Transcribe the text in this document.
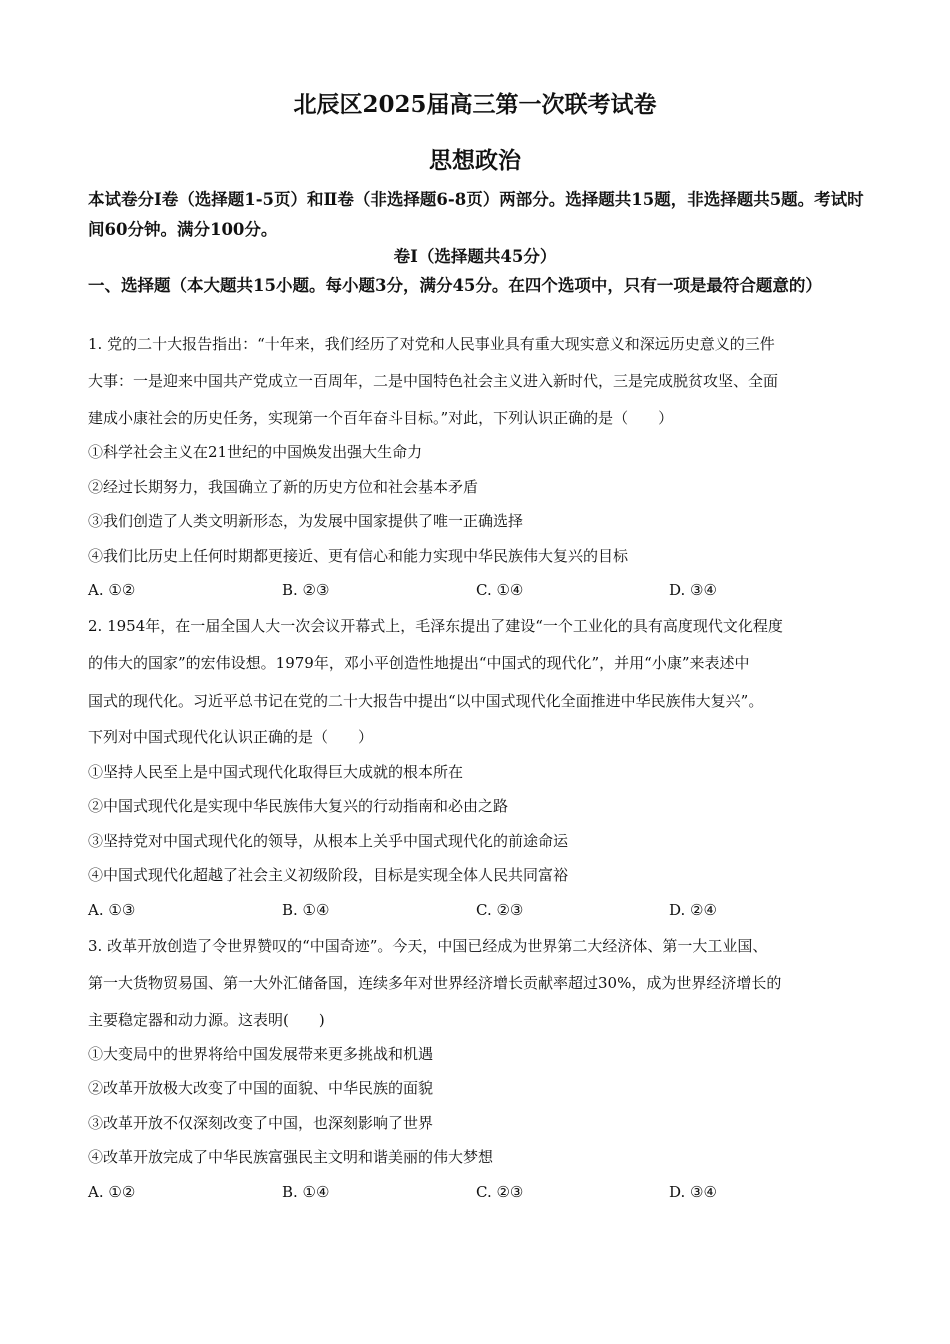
北辰区2025届高三第一次联考试卷
思想政治
本试卷分Ⅰ卷（选择题1-5页）和Ⅱ卷（非选择题6-8页）两部分。选择题共15题，非选择题共5题。考试时间60分钟。满分100分。
卷Ⅰ（选择题共45分）
一、选择题（本大题共15小题。每小题3分，满分45分。在四个选项中，只有一项是最符合题意的）
1. 党的二十大报告指出：“十年来，我们经历了对党和人民事业具有重大现实意义和深远历史意义的三件
大事：一是迎来中国共产党成立一百周年，二是中国特色社会主义进入新时代，三是完成脱贫攻坚、全面
建成小康社会的历史任务，实现第一个百年奋斗目标。”对此，下列认识正确的是（　　）
①科学社会主义在21世纪的中国焕发出强大生命力
②经过长期努力，我国确立了新的历史方位和社会基本矛盾
③我们创造了人类文明新形态，为发展中国家提供了唯一正确选择
④我们比历史上任何时期都更接近、更有信心和能力实现中华民族伟大复兴的目标
A. ①②	B. ②③	C. ①④	D. ③④
2. 1954年，在一届全国人大一次会议开幕式上，毛泽东提出了建设“一个工业化的具有高度现代文化程度
的伟大的国家”的宏伟设想。1979年，邓小平创造性地提出“中国式的现代化”，并用“小康”来表述中
国式的现代化。习近平总书记在党的二十大报告中提出“以中国式现代化全面推进中华民族伟大复兴”。
下列对中国式现代化认识正确的是（　　）
①坚持人民至上是中国式现代化取得巨大成就的根本所在
②中国式现代化是实现中华民族伟大复兴的行动指南和必由之路
③坚持党对中国式现代化的领导，从根本上关乎中国式现代化的前途命运
④中国式现代化超越了社会主义初级阶段，目标是实现全体人民共同富裕
A. ①③	B. ①④	C. ②③	D. ②④
3. 改革开放创造了令世界赞叹的“中国奇迹”。今天，中国已经成为世界第二大经济体、第一大工业国、
第一大货物贸易国、第一大外汇储备国，连续多年对世界经济增长贡献率超过30%，成为世界经济增长的
主要稳定器和动力源。这表明(　　)
①大变局中的世界将给中国发展带来更多挑战和机遇
②改革开放极大改变了中国的面貌、中华民族的面貌
③改革开放不仅深刻改变了中国，也深刻影响了世界
④改革开放完成了中华民族富强民主文明和谐美丽的伟大梦想
A. ①②	B. ①④	C. ②③	D. ③④
